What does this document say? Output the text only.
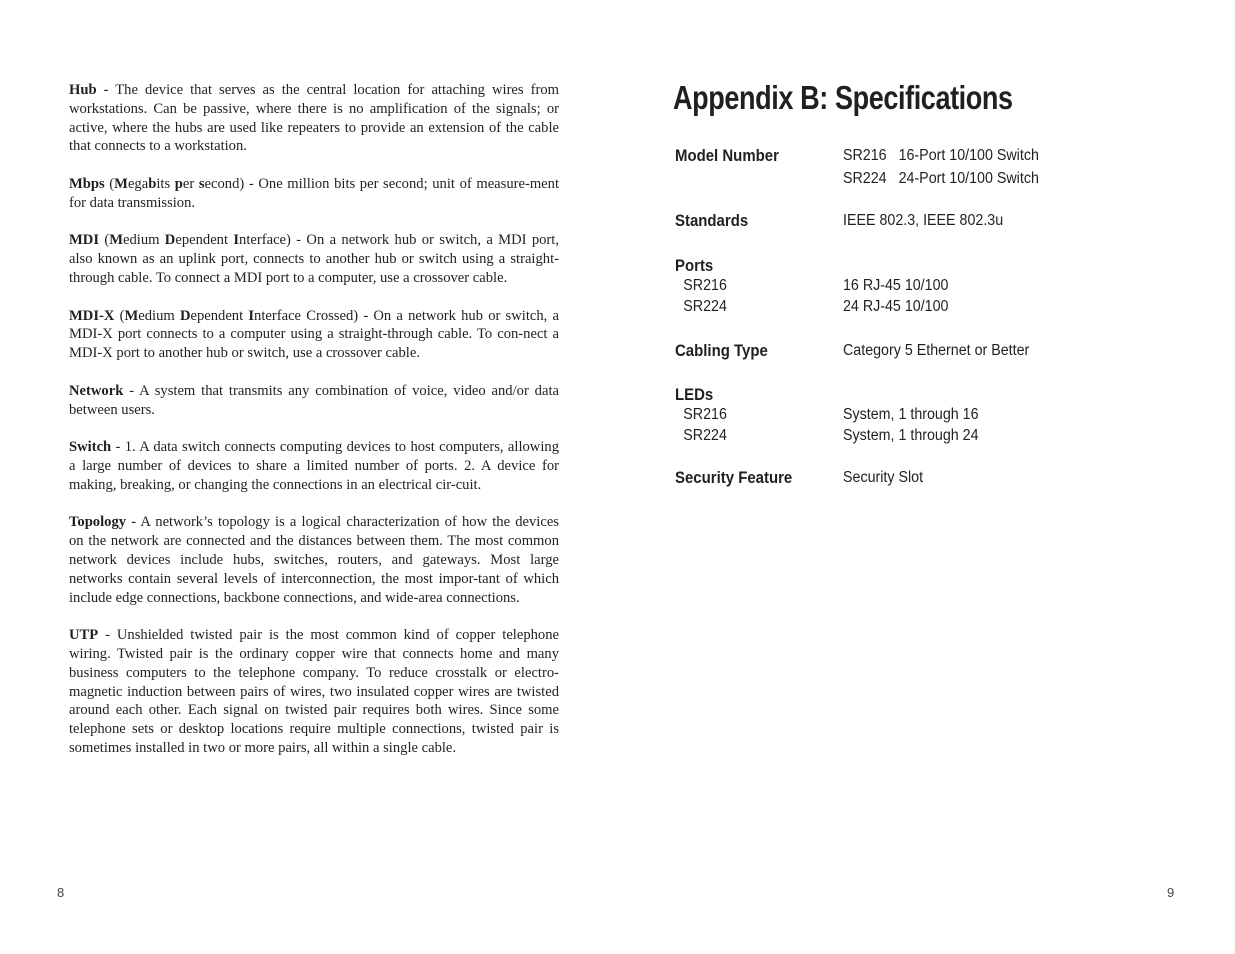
Hub - The device that serves as the central location for attaching wires from workstations. Can be passive, where there is no amplification of the signals; or active, where the hubs are used like repeaters to provide an extension of the cable that connects to a workstation.

Mbps (Megabits per second) - One million bits per second; unit of measure-ment for data transmission.

MDI (Medium Dependent Interface) - On a network hub or switch, a MDI port, also known as an uplink port, connects to another hub or switch using a straight-through cable. To connect a MDI port to a computer, use a crossover cable.

MDI-X (Medium Dependent Interface Crossed) - On a network hub or switch, a MDI-X port connects to a computer using a straight-through cable. To con-nect a MDI-X port to another hub or switch, use a crossover cable.

Network - A system that transmits any combination of voice, video and/or data between users.

Switch - 1. A data switch connects computing devices to host computers, allowing a large number of devices to share a limited number of ports. 2. A device for making, breaking, or changing the connections in an electrical cir-cuit.

Topology - A network’s topology is a logical characterization of how the devices on the network are connected and the distances between them. The most common network devices include hubs, switches, routers, and gateways. Most large networks contain several levels of interconnection, the most impor-tant of which include edge connections, backbone connections, and wide-area connections.

UTP - Unshielded twisted pair is the most common kind of copper telephone wiring. Twisted pair is the ordinary copper wire that connects home and many business computers to the telephone company. To reduce crosstalk or electro-magnetic induction between pairs of wires, two insulated copper wires are twisted around each other. Each signal on twisted pair requires both wires. Since some telephone sets or desktop locations require multiple connections, twisted pair is sometimes installed in two or more pairs, all within a single cable.

8
Appendix B: Specifications
Model Number	SR216 16-Port 10/100 Switch
SR224 24-Port 10/100 Switch
Standards	IEEE 802.3, IEEE 802.3u
Ports
SR216	16 RJ-45 10/100
SR224	24 RJ-45 10/100
Cabling Type	Category 5 Ethernet or Better
LEDs
SR216	System, 1 through 16
SR224	System, 1 through 24
Security Feature	Security Slot
9
